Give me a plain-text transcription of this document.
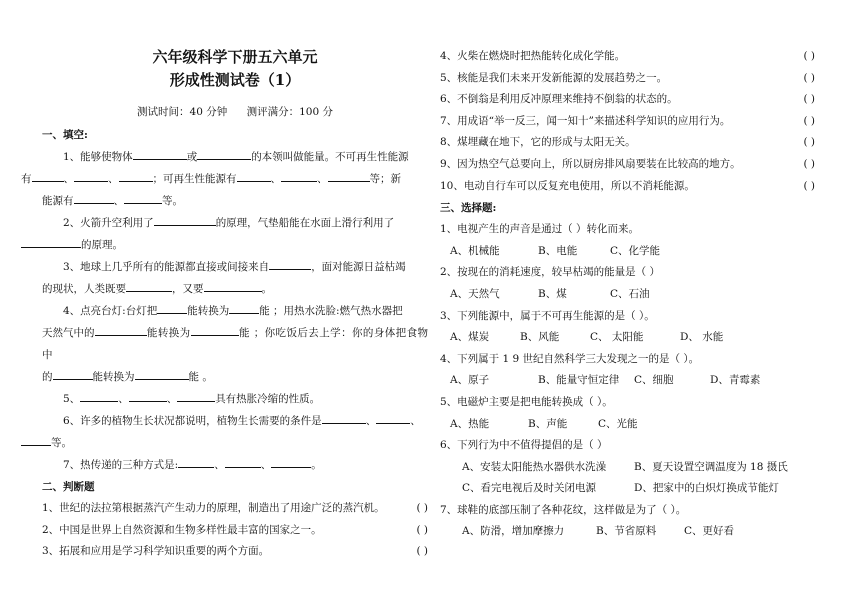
六年级科学下册五六单元
形成性测试卷（1）
测试时间：40 分钟 测评满分：100 分
一、填空:
1、能够使物体	或	的本领叫做能量。不可再生性能源
有	、	、	；可再生性能源有	、	、	等；新
能源有	、	等。
2、火箭升空利用了	的原理，气垫船能在水面上滑行利用了
的原理。
3、地球上几乎所有的能源都直接或间接来自	，面对能源日益枯竭
的现状，人类既要	，又要	。
4、点亮台灯:台灯把	能转换为	能 ；用热水洗脸:燃气热水器把
天然气中的	能转换为	能 ；你吃饭后去上学：你的身体把食物中
的	能转换为	能 。
5、	、	、	具有热胀冷缩的性质。
6、许多的植物生长状况都说明，植物生长需要的条件是	、	、
等。
7、热传递的三种方式是:	、	、	。
二、判断题
1、世纪的法拉第根据蒸汽产生动力的原理，制造出了用途广泛的蒸汽机。	( )
2、中国是世界上自然资源和生物多样性最丰富的国家之一。	( )
3、拓展和应用是学习科学知识重要的两个方面。	( )
4、火柴在燃烧时把热能转化成化学能。	( )
5、核能是我们未来开发新能源的发展趋势之一。	( )
6、不倒翁是利用反冲原理来维持不倒翁的状态的。	( )
7、用成语“举一反三，闻一知十”来描述科学知识的应用行为。	( )
8、煤埋藏在地下，它的形成与太阳无关。	( )
9、因为热空气总要向上，所以厨房排风扇要装在比较高的地方。	( )
10、电动自行车可以反复充电使用，所以不消耗能源。	( )
三、选择题:
1、电视产生的声音是通过（ ）转化而来。
A、机械能	B、电能	C、化学能
2、按现在的消耗速度，较早枯竭的能量是（ ）
A、天然气	B、煤	C、石油
3、下列能源中，属于不可再生能源的是（ ）。
A、煤炭	B、风能	C、 太阳能	D、 水能
4、下列属于 1 9 世纪自然科学三大发现之一的是（ ）。
A、原子	B、能量守恒定律 C、细胞	D、青霉素
5、电磁炉主要是把电能转换成（ ）。
A、热能	B、声能	C、光能
6、下列行为中不值得提倡的是（ ）
A、安装太阳能热水器供水洗澡	B、夏天设置空调温度为 18 摄氏
C、看完电视后及时关闭电源	D、把家中的白炽灯换成节能灯
7、球鞋的底部压制了各种花纹，这样做是为了（ ）。
A、防滑，增加摩擦力	B、节省原料	C、更好看
